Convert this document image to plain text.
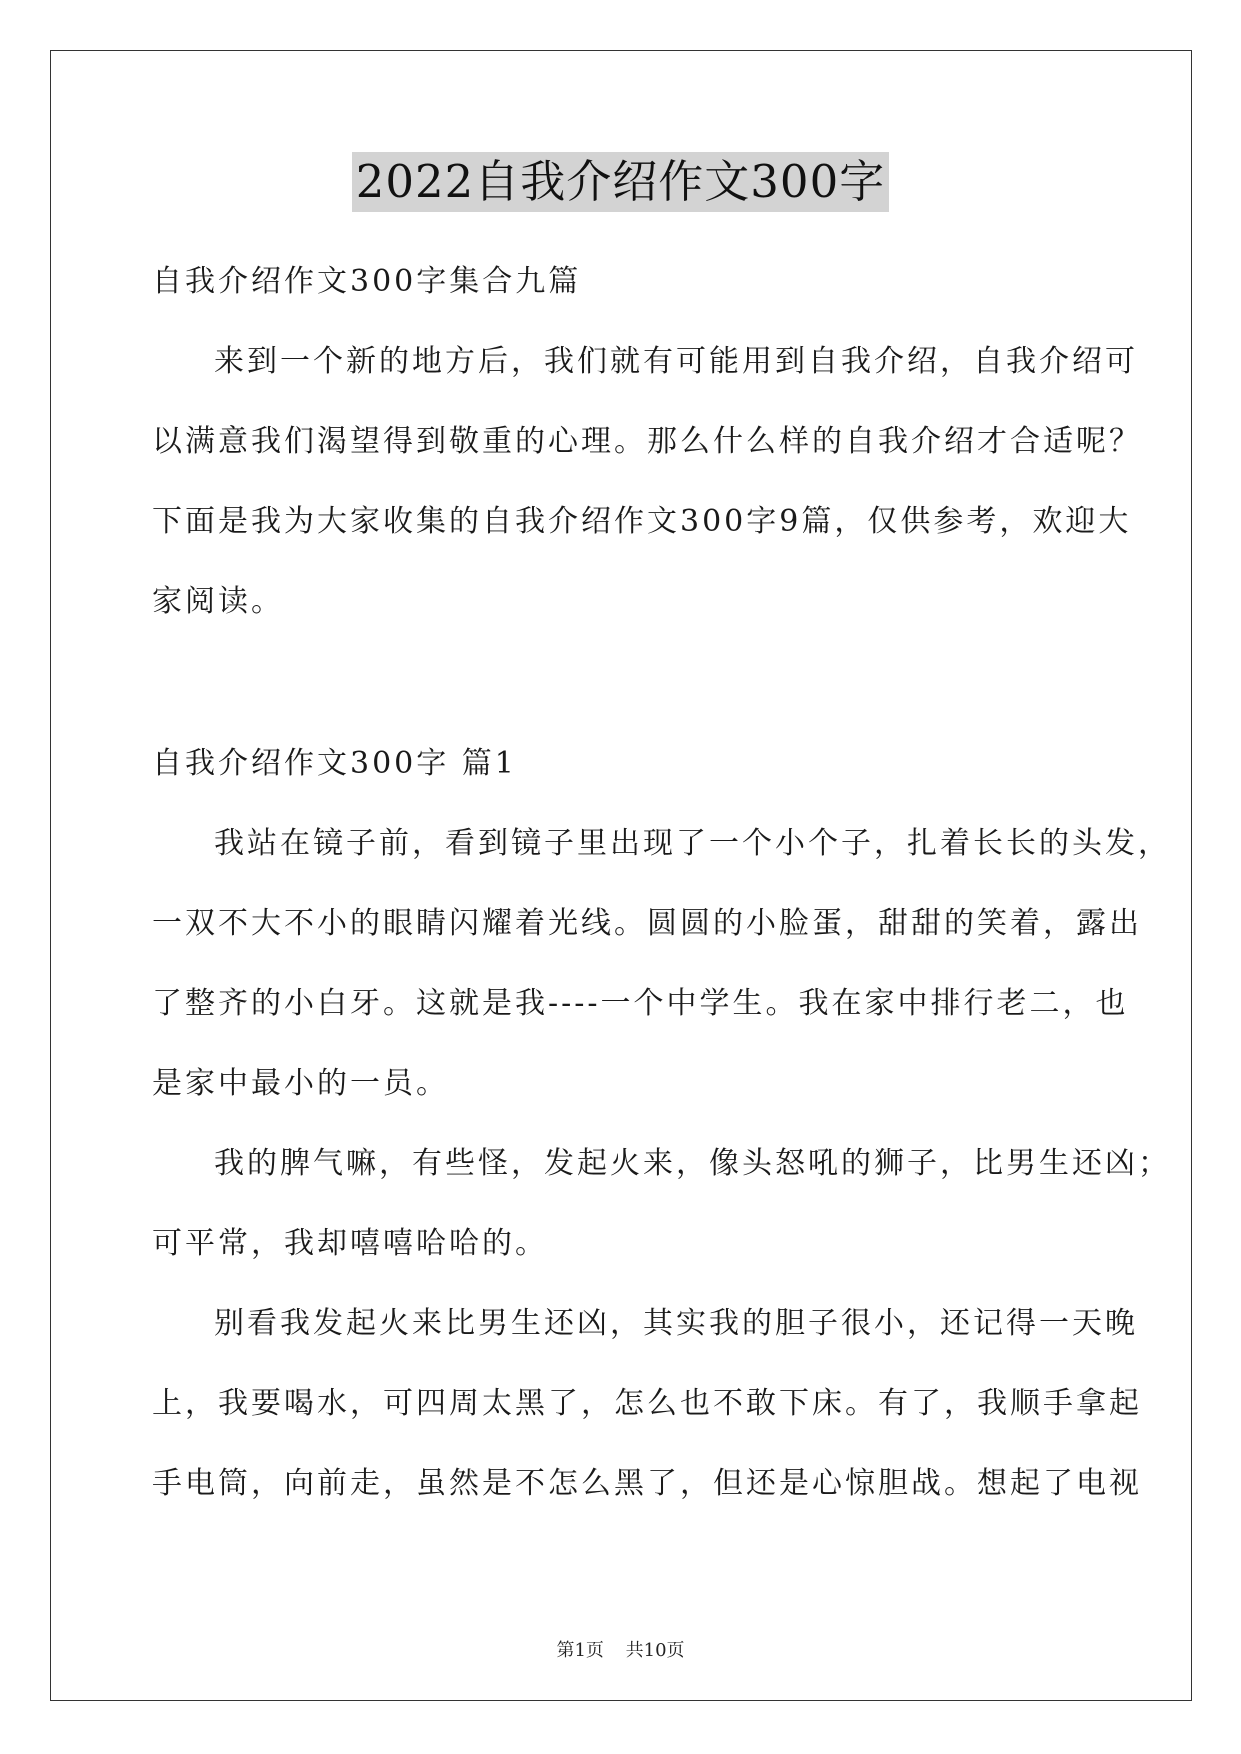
2022自我介绍作文300字
自我介绍作文300字集合九篇
来到一个新的地方后，我们就有可能用到自我介绍，自我介绍可
以满意我们渴望得到敬重的心理。那么什么样的自我介绍才合适呢？
下面是我为大家收集的自我介绍作文300字9篇，仅供参考，欢迎大
家阅读。
自我介绍作文300字 篇1
我站在镜子前，看到镜子里出现了一个小个子，扎着长长的头发，
一双不大不小的眼睛闪耀着光线。圆圆的小脸蛋，甜甜的笑着，露出
了整齐的小白牙。这就是我----一个中学生。我在家中排行老二，也
是家中最小的一员。
我的脾气嘛，有些怪，发起火来，像头怒吼的狮子，比男生还凶；
可平常，我却嘻嘻哈哈的。
别看我发起火来比男生还凶，其实我的胆子很小，还记得一天晚
上，我要喝水，可四周太黑了，怎么也不敢下床。有了，我顺手拿起
手电筒，向前走，虽然是不怎么黑了，但还是心惊胆战。想起了电视
第1页 共10页
